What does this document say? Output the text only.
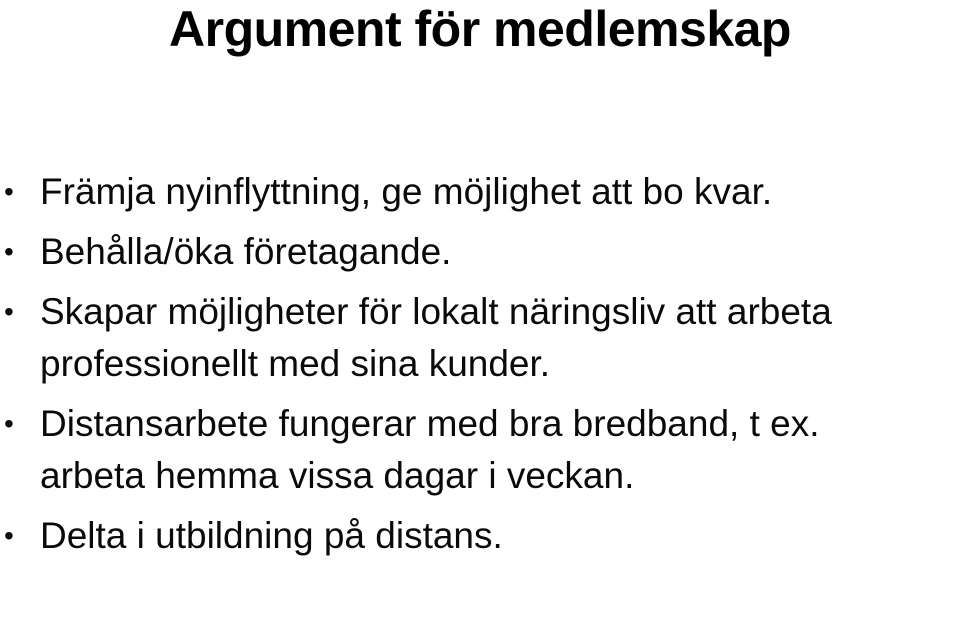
Argument för medlemskap
• Främja nyinflyttning, ge möjlighet att bo kvar.
• Behålla/öka företagande.
• Skapar möjligheter för lokalt näringsliv att arbeta professionellt med sina kunder.
• Distansarbete fungerar med bra bredband, t ex. arbeta hemma vissa dagar i veckan.
• Delta i utbildning på distans.
